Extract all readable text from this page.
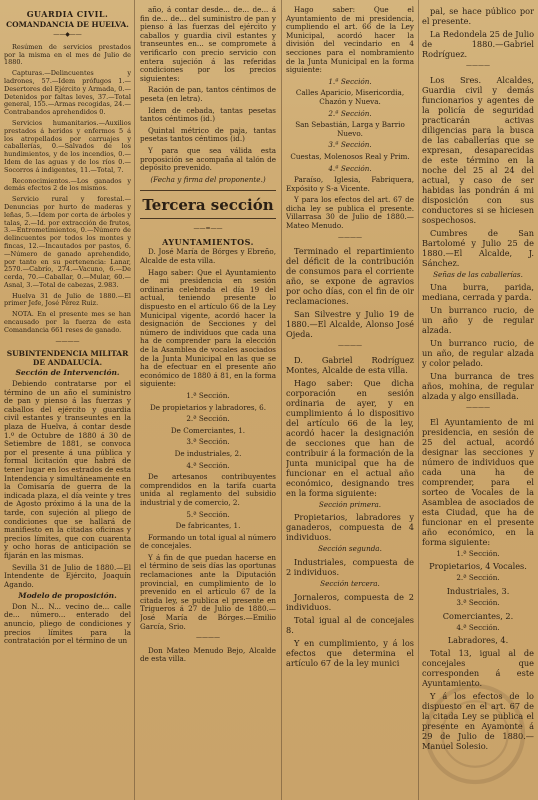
GUARDIA CIVIL.
COMANDANCIA DE HUELVA.
——◆——

Resúmen de servicios prestados por la misma en el mes de Julio de 1880.

Capturas.—Delincuentes y ladrones, 57.—Idem prófugos 1.—Desertores del Ejército y Armada, 0.—Detenidos por faltas leves, 37.—Total general, 155.—Armas recogidas, 24.—Contrabandos aprehendidos 0.

Servicios humanitarios.—Auxilios prestados á heridos y enfermos 5 á los atropellados por carruajes y caballerías, 0.—Salvados de los hundimientos, y de los incendios, 0.—Idem de las aguas y de los ríos 0.—Socorros á indigentes, 11.—Total, 7.

Reconocimientos.—Los ganados y demás efectos 2 de los mismos.

Servicio rural y forestal.—Denuncias por hurto de maderas y leñas, 5.—Idem por corta de árboles y talas, 2.—Id. por extracción de frutos, 3.—Entrometimientos, 0.—Número de delincuentes por todos los montes y fincas, 12.—Incautados por pastos, 6.—Número de ganado aprehendido, por tanto en su pertenencia: Lanar, 2570.—Cabrío, 274.—Vacuno, 6.—De cerda, 70.—Caballar, 0.—Mular, 60.—Asnal, 3.—Total de cabezas, 2.983.

Huelva 31 de Julio de 1880.—El primer Jefe, José Pérez Ruiz.

NOTA. En el presente mes se han encausado por la fuerza de esta Comandancia 661 reses de ganado.

————
SUBINTENDENCIA MILITAR DE ANDALUCÍA.
Sección de Intervención.

Debiendo contratarse por el término de un año el suministro de pan y pienso á las fuerzas y caballos del ejército y guardia civil estantes y transeuntes en la plaza de Huelva, á contar desde 1.º de Octubre de 1880 á 30 de Setiembre de 1881, se convoca por el presente á una pública y formal licitación que habrá de tener lugar en los estrados de esta Intendencia y simultáneamente en la Comisaría de guerra de la indicada plaza, el día veinte y tres de Agosto próximo á la una de la tarde, con sujeción al pliego de condiciones que se hallará de manifiesto en la citadas oficinas y precios límites, que con cuarenta y ocho horas de anticipación se fijarán en las mismas.

Sevilla 31 de Julio de 1880.—El Intendente de Ejército, Joaquín Agando.

Modelo de proposición.

Don N... N... vecino de... calle de... número... enterado del anuncio, pliego de condiciones y precios límites para la contratación por el término de un

año, á contar desde... de... de... á fin de... de... del suministro de pan y pienso á las fuerzas del ejército y caballos y guardia civil estantes y transeuntes en... se compromete á verificarlo con precio servicio con entera sujeción á las referidas condiciones por los precios siguientes:

Ración de pan, tantos céntimos de peseta (en letra).

Idem de cebada, tantas pesetas tantos céntimos (id.)

Quintal métrico de paja, tantas pesetas tantos céntimos (id.)

Y para que sea válida esta proposición se acompaña al talón de depósito prevenido.

(Fecha y firma del proponente.)

Tercera sección
——=——
AYUNTAMIENTOS.

D. José María de Bórges y Ebreño, Alcalde de esta villa.

Hago saber: Que el Ayuntamiento de mi presidencia en sesión ordinaria celebrada el día 19 del actual, teniendo presente lo dispuesto en el artículo 66 de la Ley Municipal vigente, acordó hacer la designación de Secciones y del número de individuos que cada una ha de comprender para la elección de la Asamblea de vocales asociados de la Junta Municipal en las que se ha de efectuar en el presente año económico de 1880 á 81, en la forma siguiente:

1.ª Sección.

De propietarios y labradores, 6.

2.ª Sección.

De Comerciantes, 1.

3.ª Sección.

De industriales, 2.

4.ª Sección.

De artesanos contribuyentes comprendidos en la tarifa cuarta unida al reglamento del subsidio industrial y de comercio, 2.

5.ª Sección.

De fabricantes, 1.

Formando un total igual al número de concejales.

Y á fin de que puedan hacerse en el término de seis días las oportunas reclamaciones ante la Diputación provincial, en cumplimiento de lo prevenido en el artículo 67 de la citada ley, se publica el presente en Trigueros á 27 de Julio de 1880.—José María de Bórges.—Emilio García, Srio.

————

Don Mateo Menudo Bejo, Alcalde de esta villa.

Hago saber: Que el Ayuntamiento de mi presidencia, cumpliendo el art. 66 de la Ley Municipal, acordó hacer la división del vecindario en 4 secciones para el nombramiento de la Junta Municipal en la forma siguiente:

1.ª Sección.

Calles Aparicio, Misericordia, Chazón y Nueva.

2.ª Sección.

San Sebastián, Larga y Barrio Nuevo.

3.ª Sección.

Cuestas, Molenosos Real y Prim.

4.ª Sección.

Paraíso, Iglesia, Fabriquera, Expósito y S-a Vicente.

Y para los efectos del art. 67 de dicha ley se publica el presente. Villarrasa 30 de Julio de 1880.—Mateo Menudo.

————

Terminado el repartimiento del déficit de la contribución de consumos para el corriente año, se expone de agravios por ocho días, con el fin de oir reclamaciones.

San Silvestre y Julio 19 de 1880.—El Alcalde, Alonso José Ojeda.

————

D. Gabriel Rodríguez Montes, Alcalde de esta villa.

Hago saber: Que dicha corporación en sesión ordinaria de ayer, y en cumplimiento á lo dispositivo del artículo 66 de la ley, acordó hacer la designación de secciones que han de contribuir á la formación de la Junta municipal que ha de funcionar en el actual año económico, designando tres en la forma siguiente:

Sección primera.

Propietarios, labradores y ganaderos, compuesta de 4 individuos.

Sección segunda.

Industriales, compuesta de 2 individuos.

Sección tercera.

Jornaleros, compuesta de 2 individuos.

Total igual al de concejales 8.

Y en cumplimiento, y á los efectos que determina el artículo 67 de la ley munici

pal, se hace público por el presente.

La Redondela 25 de Julio de 1880.—Gabriel Rodríguez.

————

Los Sres. Alcaldes, Guardia civil y demás funcionarios y agentes de la policía de seguridad practicarán activas diligencias para la busca de las caballerías que se expresan, desaparecidas de este término en la noche del 25 al 24 del actual, y caso de ser habidas las pondrán á mi disposición con sus conductores si se hiciesen sospechosos.

Cumbres de San Bartolomé y Julio 25 de 1880.—El Alcalde, J. Sánchez.

Señas de las caballerías.

Una burra, parida, mediana, cerrada y parda.

Un burranco rucio, de un año y de regular alzada.

Un burranco rucio, de un año, de regular alzada y color pelado.

Una burranca de tres años, mohina, de regular alzada y algo ensillada.

————

El Ayuntamiento de mi presidencia, en sesión de 25 del actual, acordó designar las secciones y número de individuos que cada una ha de comprender, para el sorteo de Vocales de la Asamblea de asociados de esta Ciudad, que ha de funcionar en el presente año económico, en la forma siguiente:

1.ª Sección.

Propietarios, 4 Vocales.

2.ª Sección.

Industriales, 3.

3.ª Sección.

Comerciantes, 2.

4.ª Sección.

Labradores, 4.

Total 13, igual al de concejales que corresponden á este Ayuntamiento.

Y á los efectos de lo dispuesto en el art. 67 de la citada Ley se publica el presente en Ayamonte á 29 de Julio de 1880.—Manuel Solesio.
